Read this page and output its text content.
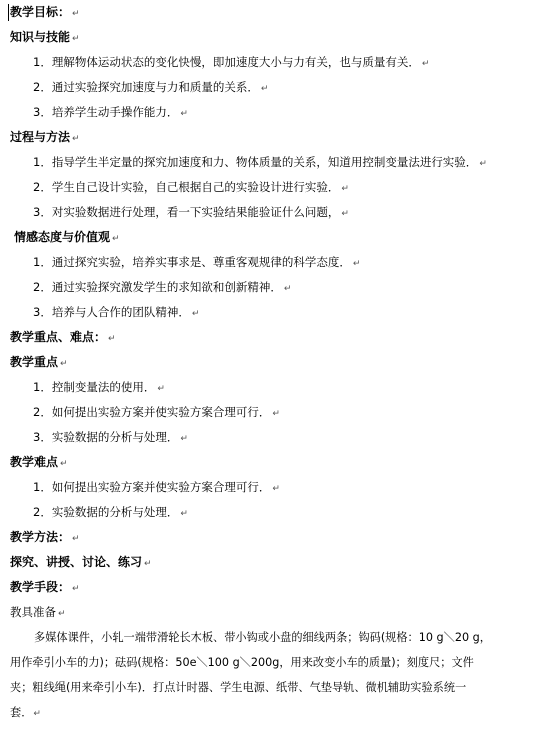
教学目标： ↵
知识与技能 ↵
1．理解物体运动状态的变化快慢，即加速度大小与力有关，也与质量有关． ↵
2．通过实验探究加速度与力和质量的关系． ↵
3．培养学生动手操作能力． ↵
过程与方法 ↵
1．指导学生半定量的探究加速度和力、物体质量的关系，知道用控制变量法进行实验． ↵
2．学生自己设计实验，自己根据自己的实验设计进行实验． ↵
3．对实验数据进行处理，看一下实验结果能验证什么问题， ↵
情感态度与价值观 ↵
1．通过探究实验，培养实事求是、尊重客观规律的科学态度． ↵
2．通过实验探究激发学生的求知欲和创新精神． ↵
3．培养与人合作的团队精神． ↵
教学重点、难点： ↵
教学重点 ↵
1．控制变量法的使用． ↵
2．如何提出实验方案并使实验方案合理可行． ↵
3．实验数据的分析与处理． ↵
教学难点 ↵
1．如何提出实验方案并使实验方案合理可行． ↵
2．实验数据的分析与处理． ↵
教学方法： ↵
探究、讲授、讨论、练习 ↵
教学手段： ↵
教具准备 ↵
多媒体课件，小轧一端带滑轮长木板、带小钩或小盘的细线两条；钩码(规格：10 g＼20 g，
用作牵引小车的力)；砝码(规格：50e＼100 g＼200g，用来改变小车的质量)；刻度尺；文件
夹；粗线绳(用来牵引小车)．打点计时器、学生电源、纸带、气垫导轨、微机辅助实验系统一
套．↵
